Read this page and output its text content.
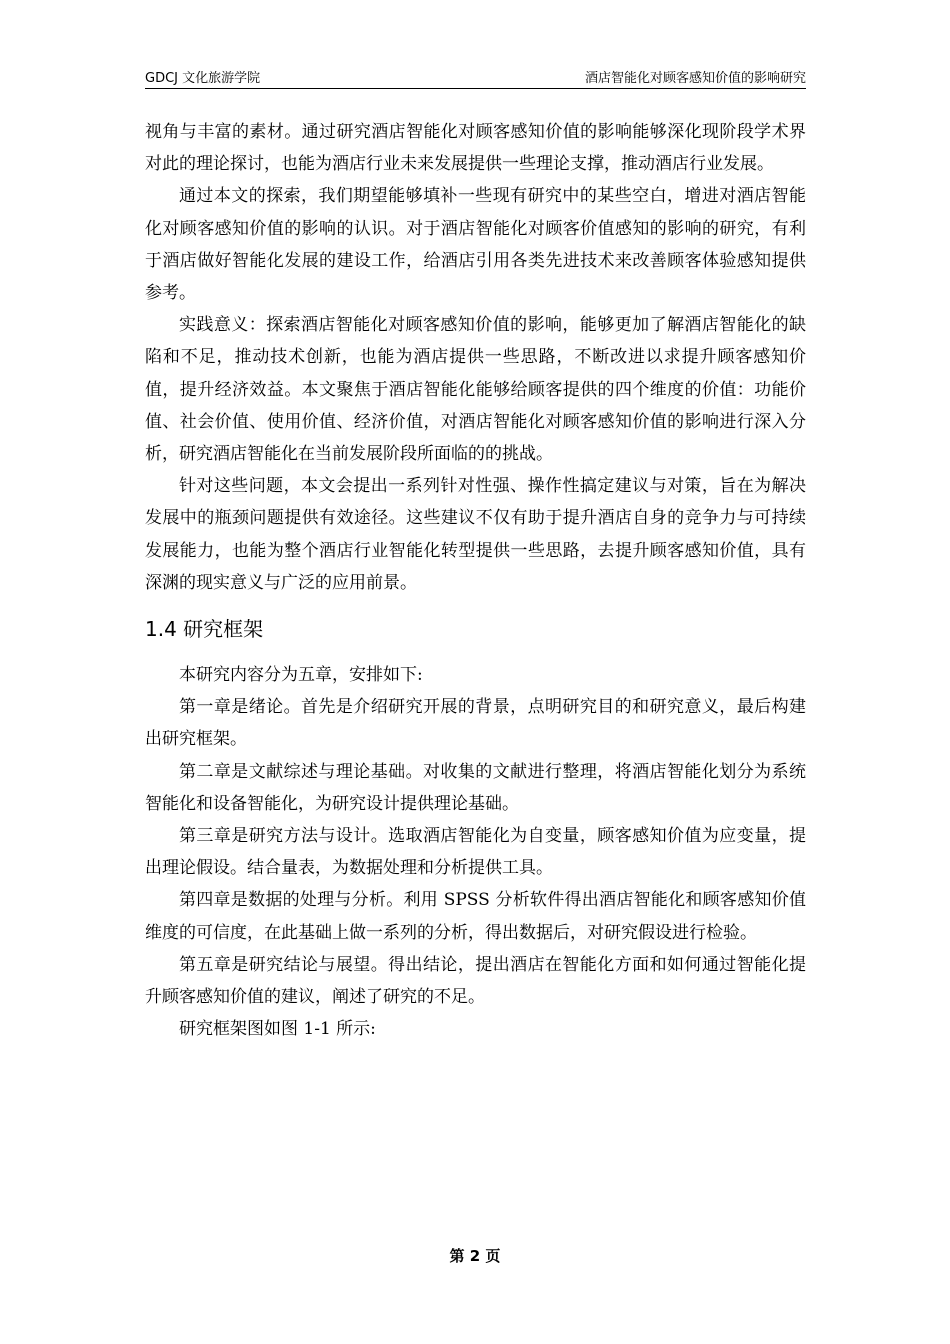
GDCJ 文化旅游学院	酒店智能化对顾客感知价值的影响研究

视角与丰富的素材。通过研究酒店智能化对顾客感知价值的影响能够深化现阶段学术界对此的理论探讨，也能为酒店行业未来发展提供一些理论支撑，推动酒店行业发展。

通过本文的探索，我们期望能够填补一些现有研究中的某些空白，增进对酒店智能化对顾客感知价值的影响的认识。对于酒店智能化对顾客价值感知的影响的研究，有利于酒店做好智能化发展的建设工作，给酒店引用各类先进技术来改善顾客体验感知提供参考。

实践意义：探索酒店智能化对顾客感知价值的影响，能够更加了解酒店智能化的缺陷和不足，推动技术创新，也能为酒店提供一些思路，不断改进以求提升顾客感知价值，提升经济效益。本文聚焦于酒店智能化能够给顾客提供的四个维度的价值：功能价值、社会价值、使用价值、经济价值，对酒店智能化对顾客感知价值的影响进行深入分析，研究酒店智能化在当前发展阶段所面临的的挑战。

针对这些问题，本文会提出一系列针对性强、操作性搞定建议与对策，旨在为解决发展中的瓶颈问题提供有效途径。这些建议不仅有助于提升酒店自身的竞争力与可持续发展能力，也能为整个酒店行业智能化转型提供一些思路，去提升顾客感知价值，具有深渊的现实意义与广泛的应用前景。

1.4 研究框架

本研究内容分为五章，安排如下:

第一章是绪论。首先是介绍研究开展的背景，点明研究目的和研究意义，最后构建出研究框架。

第二章是文献综述与理论基础。对收集的文献进行整理，将酒店智能化划分为系统智能化和设备智能化，为研究设计提供理论基础。

第三章是研究方法与设计。选取酒店智能化为自变量，顾客感知价值为应变量，提出理论假设。结合量表，为数据处理和分析提供工具。

第四章是数据的处理与分析。利用 SPSS 分析软件得出酒店智能化和顾客感知价值维度的可信度，在此基础上做一系列的分析，得出数据后，对研究假设进行检验。

第五章是研究结论与展望。得出结论，提出酒店在智能化方面和如何通过智能化提升顾客感知价值的建议，阐述了研究的不足。

研究框架图如图 1-1 所示:

第 2 页
